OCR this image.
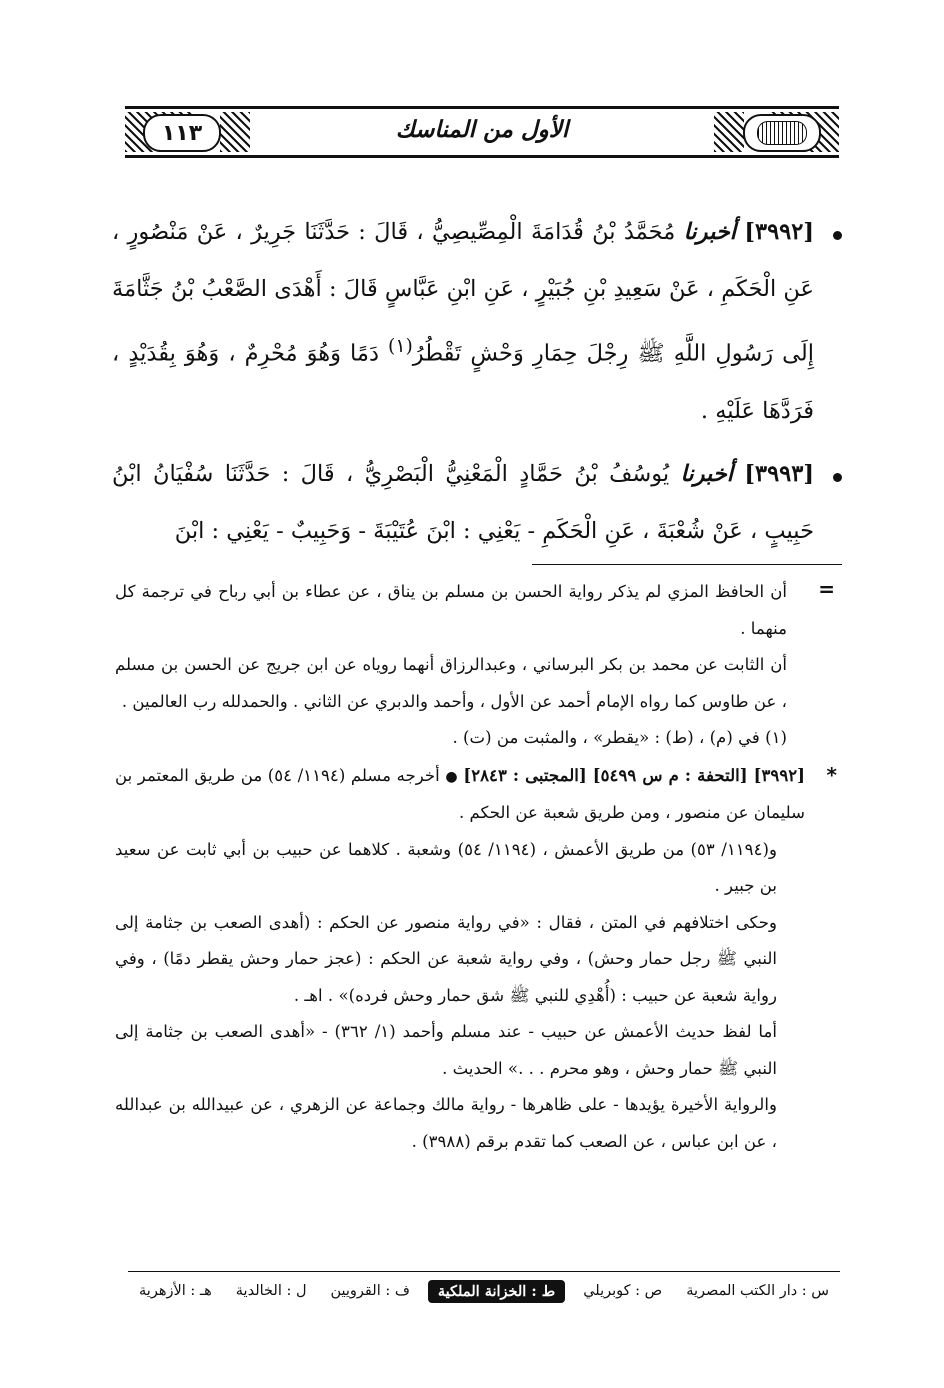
الأول من المناسك
١١٣
[٣٩٩٢] أخبرنا مُحَمَّدُ بْنُ قُدَامَةَ الْمِصِّيصِيُّ ، قَالَ : حَدَّثَنَا جَرِيرٌ ، عَنْ مَنْصُورٍ ، عَنِ الْحَكَمِ ، عَنْ سَعِيدِ بْنِ جُبَيْرٍ ، عَنِ ابْنِ عَبَّاسٍ قَالَ : أَهْدَى الصَّعْبُ بْنُ جَثَّامَةَ إِلَى رَسُولِ اللَّهِ ﷺ رِجْلَ حِمَارِ وَحْشٍ تَقْطُرُ$^{(١)}$ دَمًا وَهُوَ مُحْرِمٌ ، وَهُوَ بِقُدَيْدٍ ، فَرَدَّهَا عَلَيْهِ .
[٣٩٩٣] أخبرنا يُوسُفُ بْنُ حَمَّادٍ الْمَعْنِيُّ الْبَصْرِيُّ ، قَالَ : حَدَّثَنَا سُفْيَانُ ابْنُ حَبِيبٍ ، عَنْ شُعْبَةَ ، عَنِ الْحَكَمِ - يَعْنِي : ابْنَ عُتَيْبَةَ - وَحَبِيبٌ - يَعْنِي : ابْنَ

=
أن الحافظ المزي لم يذكر رواية الحسن بن مسلم بن يناق ، عن عطاء بن أبي رباح في ترجمة كل منهما .

أن الثابت عن محمد بن بكر البرساني ، وعبدالرزاق أنهما روياه عن ابن جريج عن الحسن بن مسلم ، عن طاوس كما رواه الإمام أحمد عن الأول ، وأحمد والدبري عن الثاني . والحمدلله رب العالمين .

(١) في (م) ، (ط) : «يقطر» ، والمثبت من (ت) .

*
[٣٩٩٢] [التحفة : م س ٥٤٩٩] [المجتبى : ٢٨٤٣] ● أخرجه مسلم (١١٩٤/ ٥٤) من طريق المعتمر بن سليمان عن منصور ، ومن طريق شعبة عن الحكم .

و(١١٩٤/ ٥٣) من طريق الأعمش ، (١١٩٤/ ٥٤) وشعبة . كلاهما عن حبيب بن أبي ثابت عن سعيد بن جبير .

وحكى اختلافهم في المتن ، فقال : «في رواية منصور عن الحكم : (أهدى الصعب بن جثامة إلى النبي ﷺ رجل حمار وحش) ، وفي رواية شعبة عن الحكم : (عجز حمار وحش يقطر دمًا) ، وفي رواية شعبة عن حبيب : (أُهْدِي للنبي ﷺ شق حمار وحش فرده)» . اهـ .

أما لفظ حديث الأعمش عن حبيب - عند مسلم وأحمد (١/ ٣٦٢) - «أهدى الصعب بن جثامة إلى النبي ﷺ حمار وحش ، وهو محرم . . .» الحديث .

والرواية الأخيرة يؤيدها - على ظاهرها - رواية مالك وجماعة عن الزهري ، عن عبيدالله بن عبدالله ، عن ابن عباس ، عن الصعب كما تقدم برقم (٣٩٨٨) .

س : دار الكتب المصرية
ص : كوبريلي
ط : الخزانة الملكية
ف : القرويين
ل : الخالدية
هـ : الأزهرية
